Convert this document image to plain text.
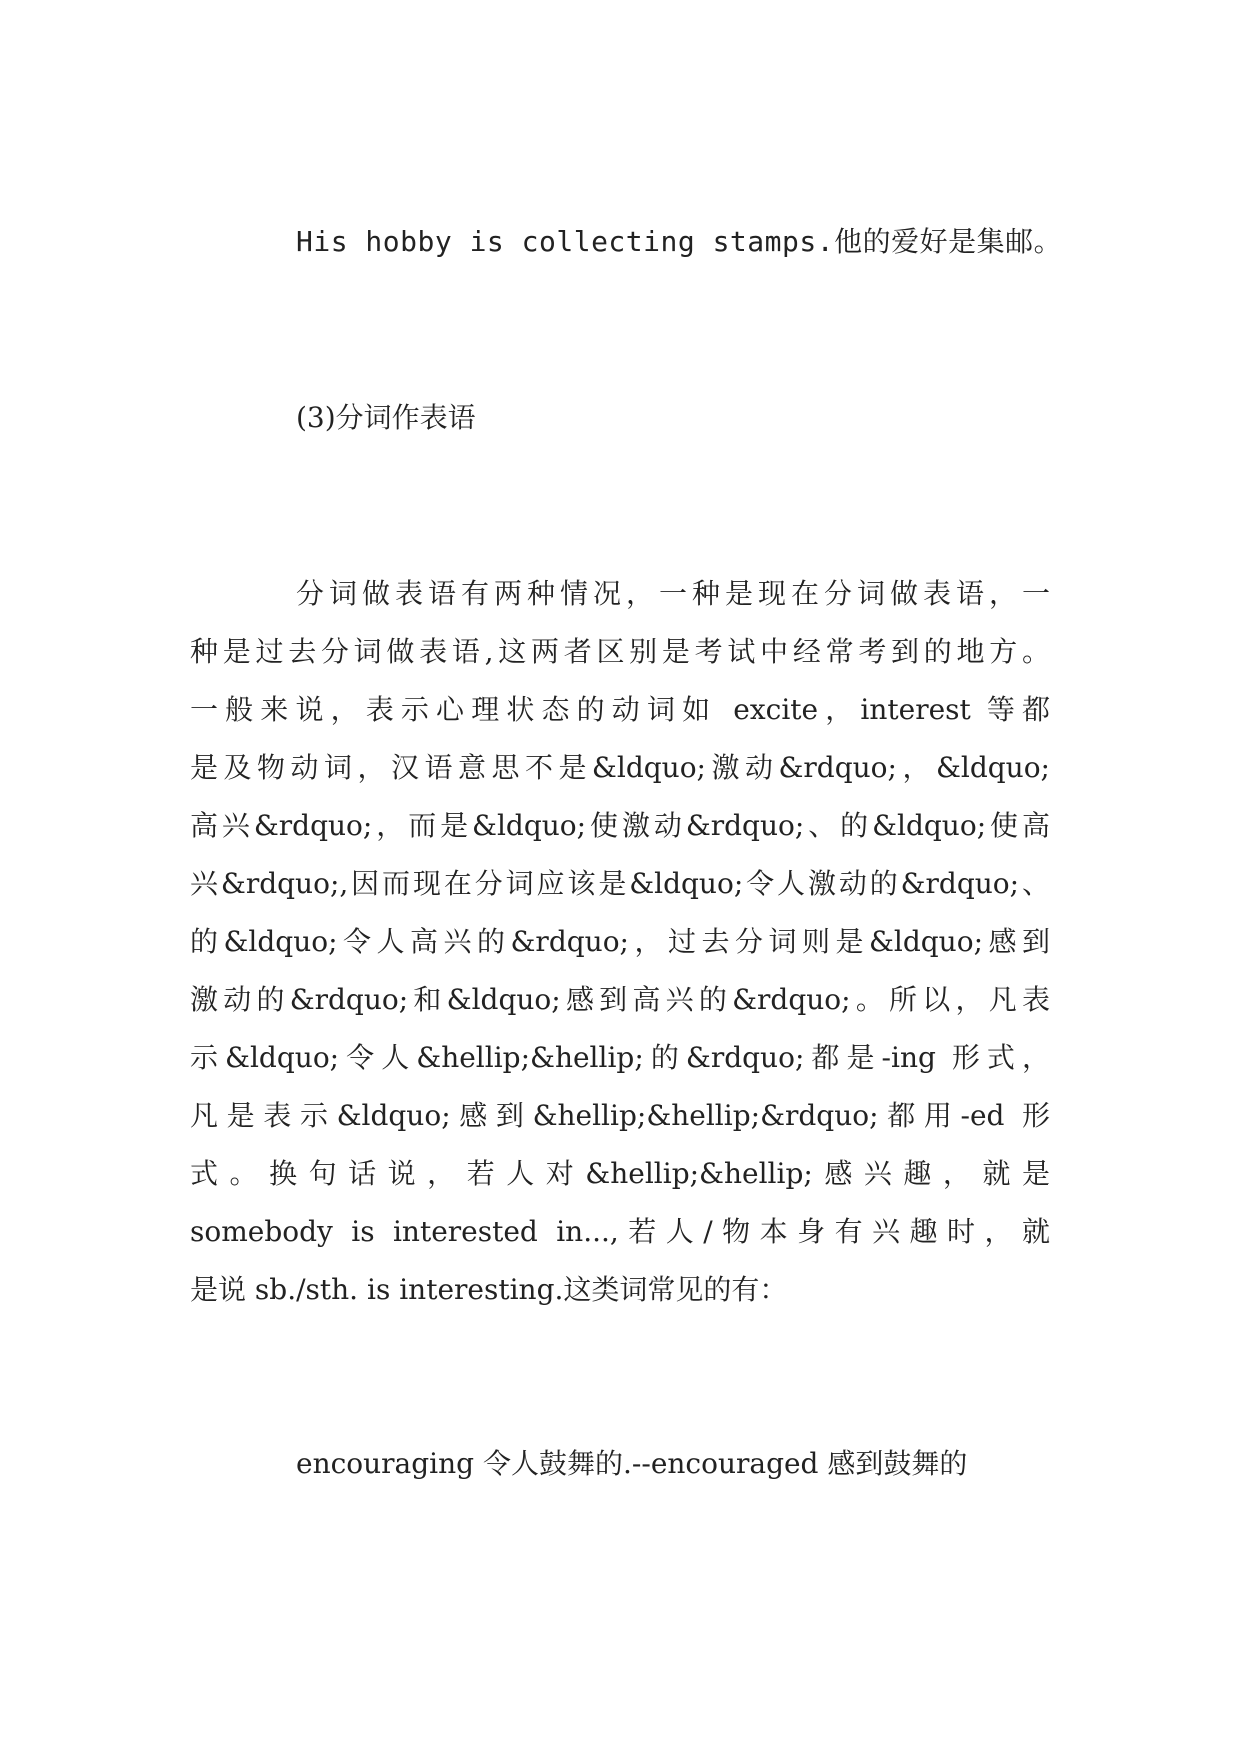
His hobby is collecting stamps.他的爱好是集邮。
(3)分词作表语
分词做表语有两种情况，一种是现在分词做表语，一
种是过去分词做表语,这两者区别是考试中经常考到的地方。
一般来说，表示心理状态的动词如 excite，interest 等都
是及物动词，汉语意思不是&ldquo;激动&rdquo;，&ldquo;
高兴&rdquo;，而是&ldquo;使激动&rdquo;、的&ldquo;使高
兴&rdquo;,因而现在分词应该是&ldquo;令人激动的&rdquo;、
的&ldquo;令人高兴的&rdquo;，过去分词则是&ldquo;感到
激动的&rdquo;和&ldquo;感到高兴的&rdquo;。所以，凡表
示&ldquo;令人&hellip;&hellip;的&rdquo;都是-ing 形式，
凡是表示&ldquo;感到&hellip;&hellip;&rdquo;都用-ed 形
式。换句话说，若人对&hellip;&hellip;感兴趣，就是
somebody is interested in...,若人/物本身有兴趣时，就
是说 sb./sth. is interesting.这类词常见的有：
encouraging 令人鼓舞的.--encouraged 感到鼓舞的
